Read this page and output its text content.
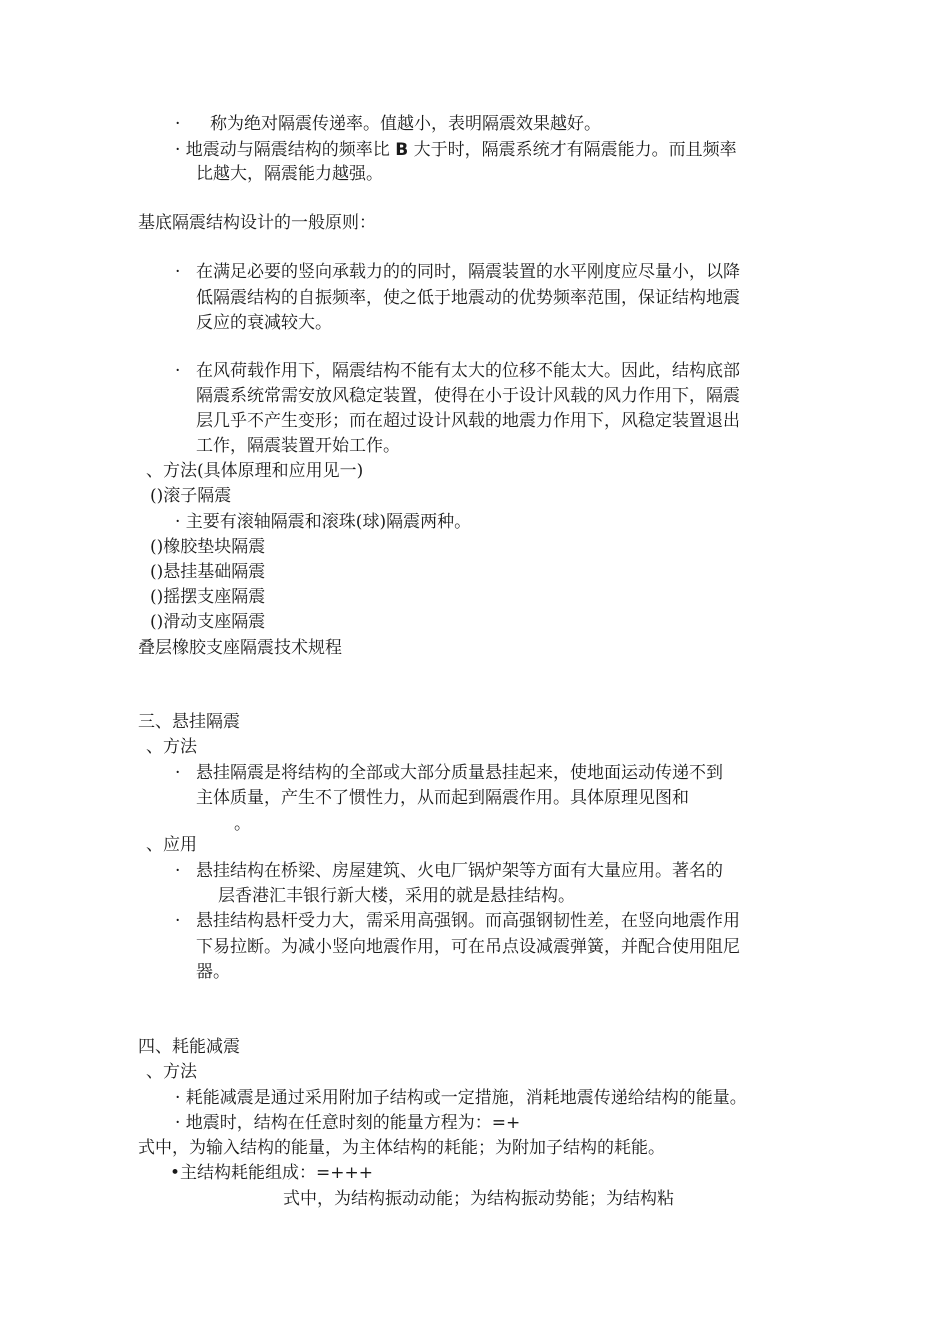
· 称为绝对隔震传递率。值越小，表明隔震效果越好。
· 地震动与隔震结构的频率比 B 大于时，隔震系统才有隔震能力。而且频率
比越大，隔震能力越强。
基底隔震结构设计的一般原则：
· 在满足必要的竖向承载力的的同时，隔震装置的水平刚度应尽量小，以降
低隔震结构的自振频率，使之低于地震动的优势频率范围，保证结构地震
反应的衰减较大。
· 在风荷载作用下，隔震结构不能有太大的位移不能太大。因此，结构底部
隔震系统常需安放风稳定装置，使得在小于设计风载的风力作用下，隔震
层几乎不产生变形；而在超过设计风载的地震力作用下，风稳定装置退出
工作，隔震装置开始工作。
、方法(具体原理和应用见一)
()滚子隔震
· 主要有滚轴隔震和滚珠(球)隔震两种。
()橡胶垫块隔震
()悬挂基础隔震
()摇摆支座隔震
()滑动支座隔震
叠层橡胶支座隔震技术规程
三、悬挂隔震
、方法
· 悬挂隔震是将结构的全部或大部分质量悬挂起来，使地面运动传递不到
主体质量，产生不了惯性力，从而起到隔震作用。具体原理见图和
。
、应用
· 悬挂结构在桥梁、房屋建筑、火电厂锅炉架等方面有大量应用。著名的
层香港汇丰银行新大楼，采用的就是悬挂结构。
· 悬挂结构悬杆受力大，需采用高强钢。而高强钢韧性差，在竖向地震作用
下易拉断。为减小竖向地震作用，可在吊点设减震弹簧，并配合使用阻尼
器。
四、耗能减震
、方法
· 耗能减震是通过采用附加子结构或一定措施，消耗地震传递给结构的能量。
· 地震时，结构在任意时刻的能量方程为：=+
式中，为输入结构的能量，为主体结构的耗能；为附加子结构的耗能。
•主结构耗能组成：=+++
式中，为结构振动动能；为结构振动势能；为结构粘
